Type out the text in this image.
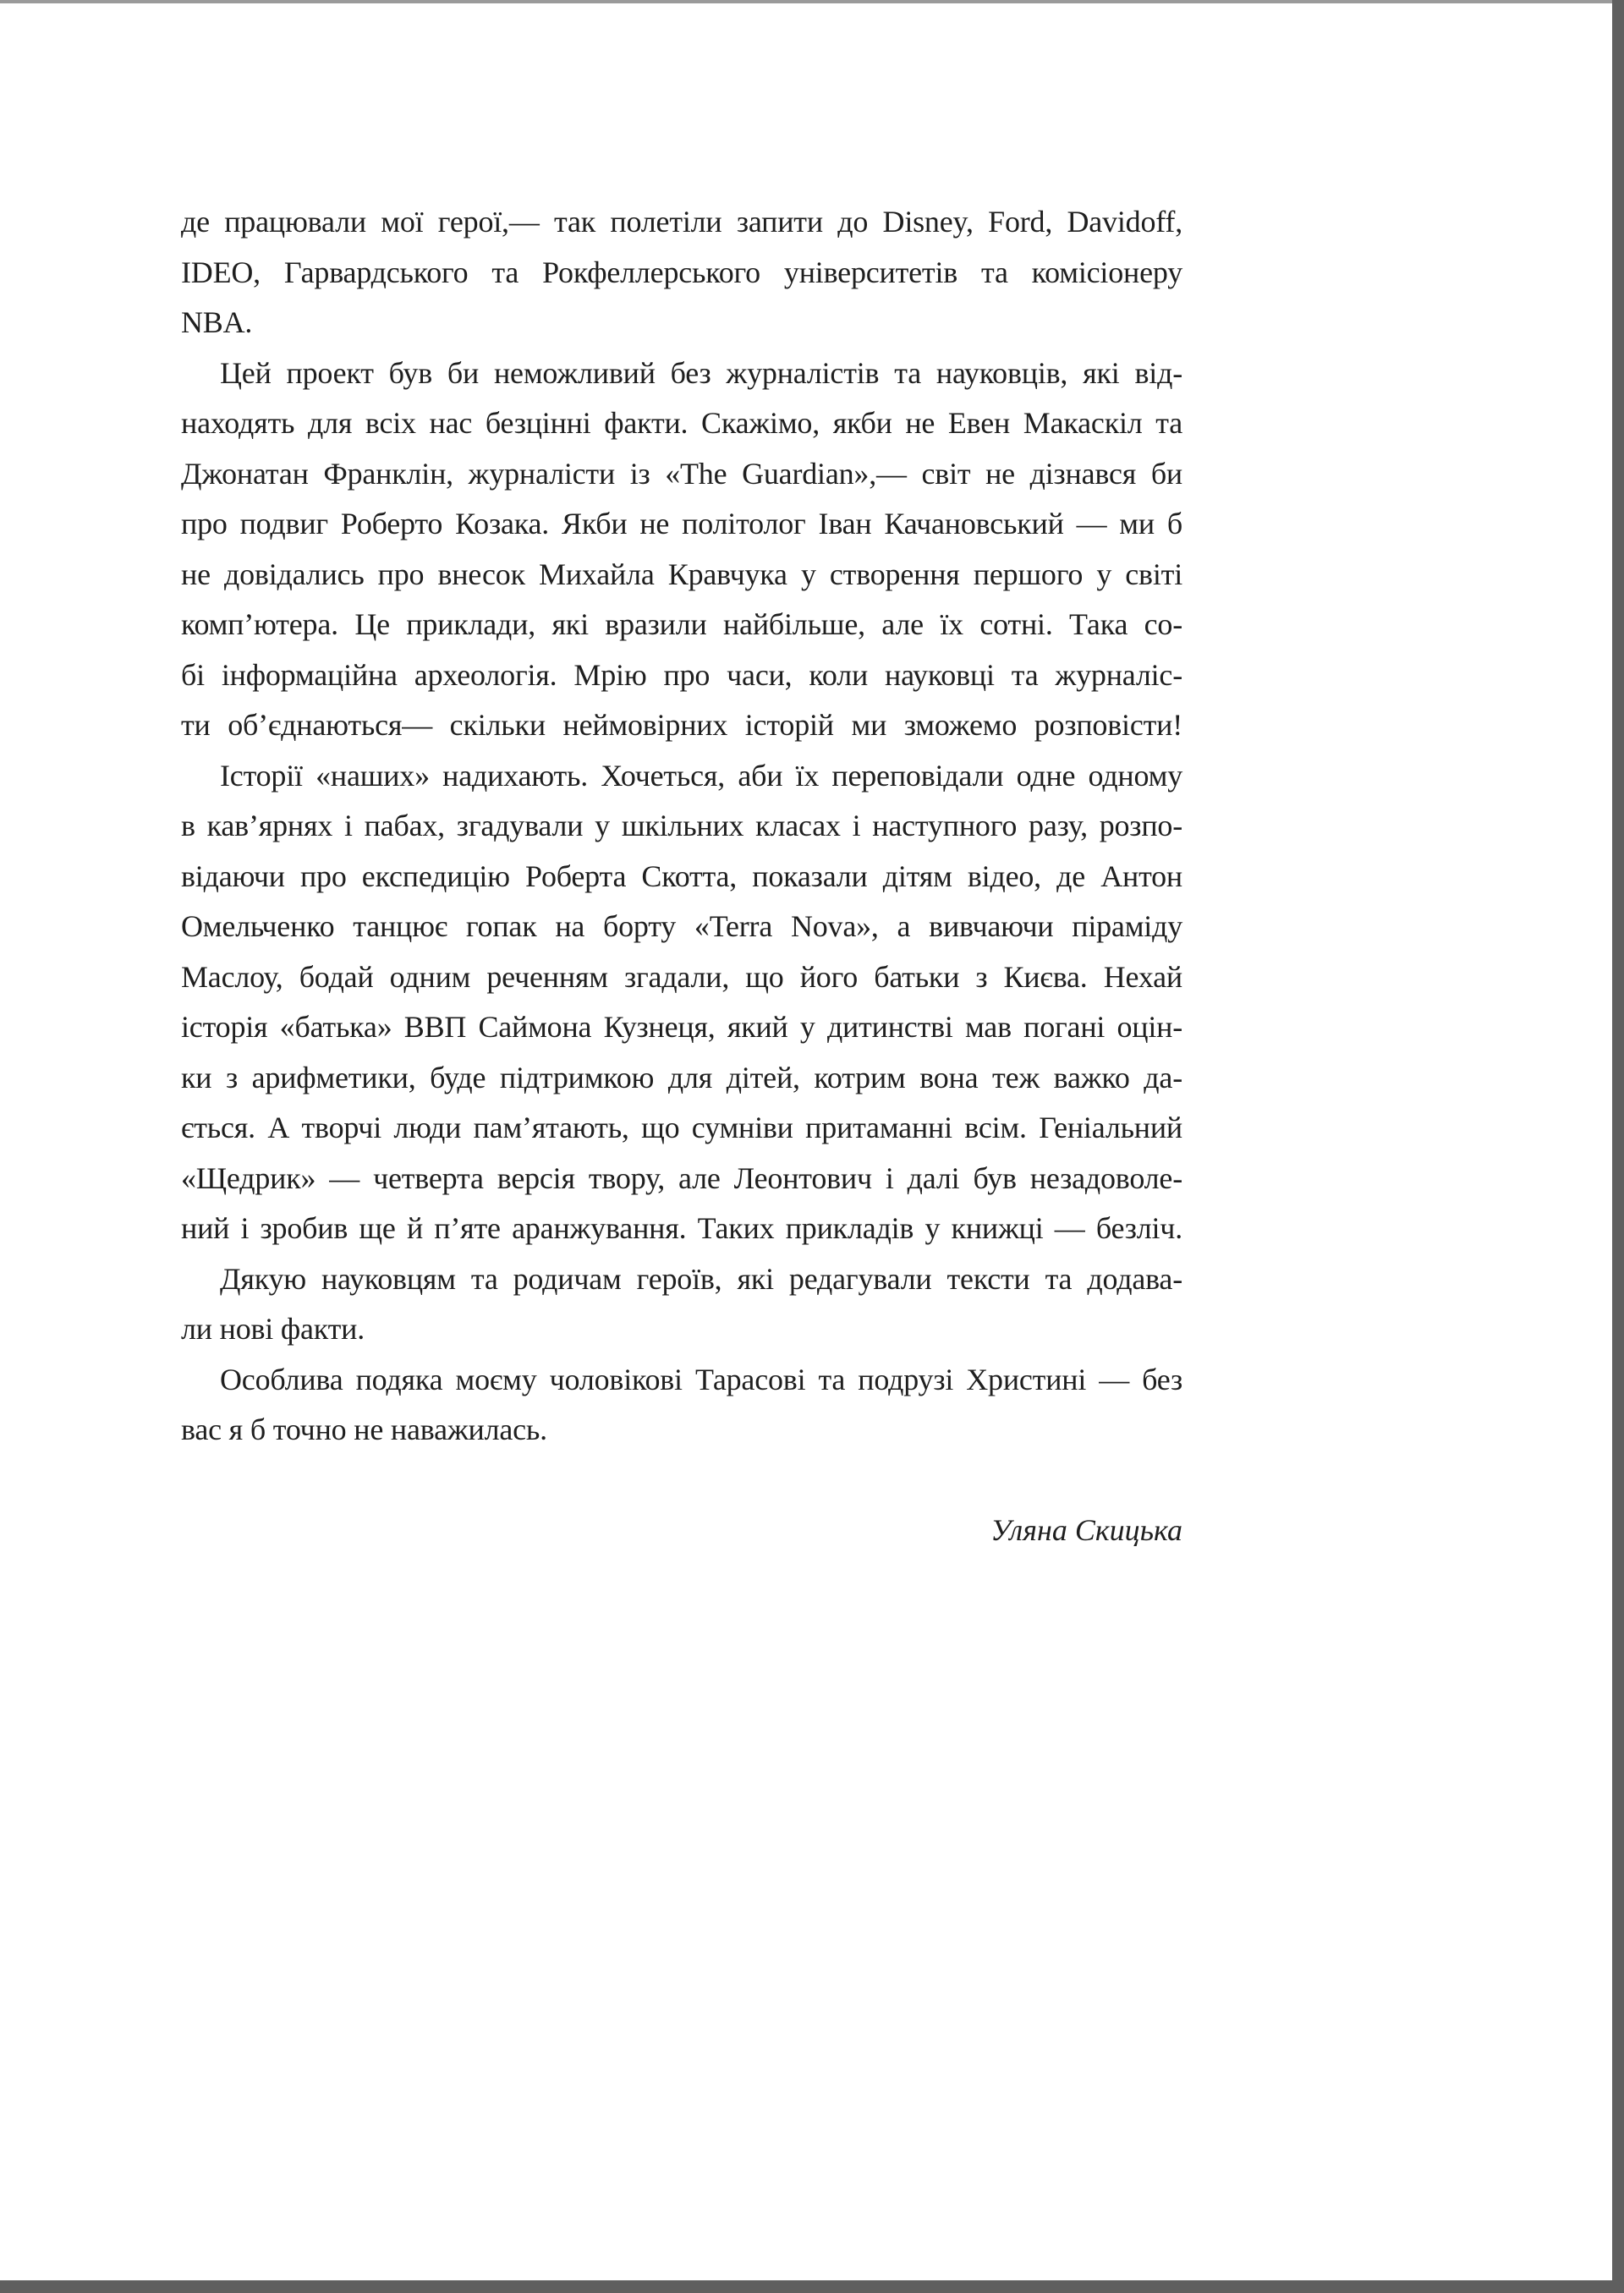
де працювали мої герої,— так полетіли запити до Disney, Ford, Davidoff,
IDEO, Гарвардського та Рокфеллерського університетів та комісіонеру
NBA.
Цей проект був би неможливий без журналістів та науковців, які від-
находять для всіх нас безцінні факти. Скажімо, якби не Евен Макаскіл та
Джонатан Франклін, журналісти із «The Guardian»,— світ не дізнався би
про подвиг Роберто Козака. Якби не політолог Іван Качановський — ми б
не довідались про внесок Михайла Кравчука у створення першого у світі
комп’ютера. Це приклади, які вразили найбільше, але їх сотні. Така со-
бі інформаційна археологія. Мрію про часи, коли науковці та журналіс-
ти об’єднаються— скільки неймовірних історій ми зможемо розповісти!
Історії «наших» надихають. Хочеться, аби їх переповідали одне одному
в кав’ярнях і пабах, згадували у шкільних класах і наступного разу, розпо-
відаючи про експедицію Роберта Скотта, показали дітям відео, де Антон
Омельченко танцює гопак на борту «Terra Nova», а вивчаючи піраміду
Маслоу, бодай одним реченням згадали, що його батьки з Києва. Нехай
історія «батька» ВВП Саймона Кузнеця, який у дитинстві мав погані оцін-
ки з арифметики, буде підтримкою для дітей, котрим вона теж важко да-
ється. А творчі люди пам’ятають, що сумніви притаманні всім. Геніальний
«Щедрик» — четверта версія твору, але Леонтович і далі був незадоволе-
ний і зробив ще й п’яте аранжування. Таких прикладів у книжці — безліч.
Дякую науковцям та родичам героїв, які редагували тексти та додава-
ли нові факти.
Особлива подяка моєму чоловікові Тарасові та подрузі Христині — без
вас я б точно не наважилась.
Уляна Скицька
